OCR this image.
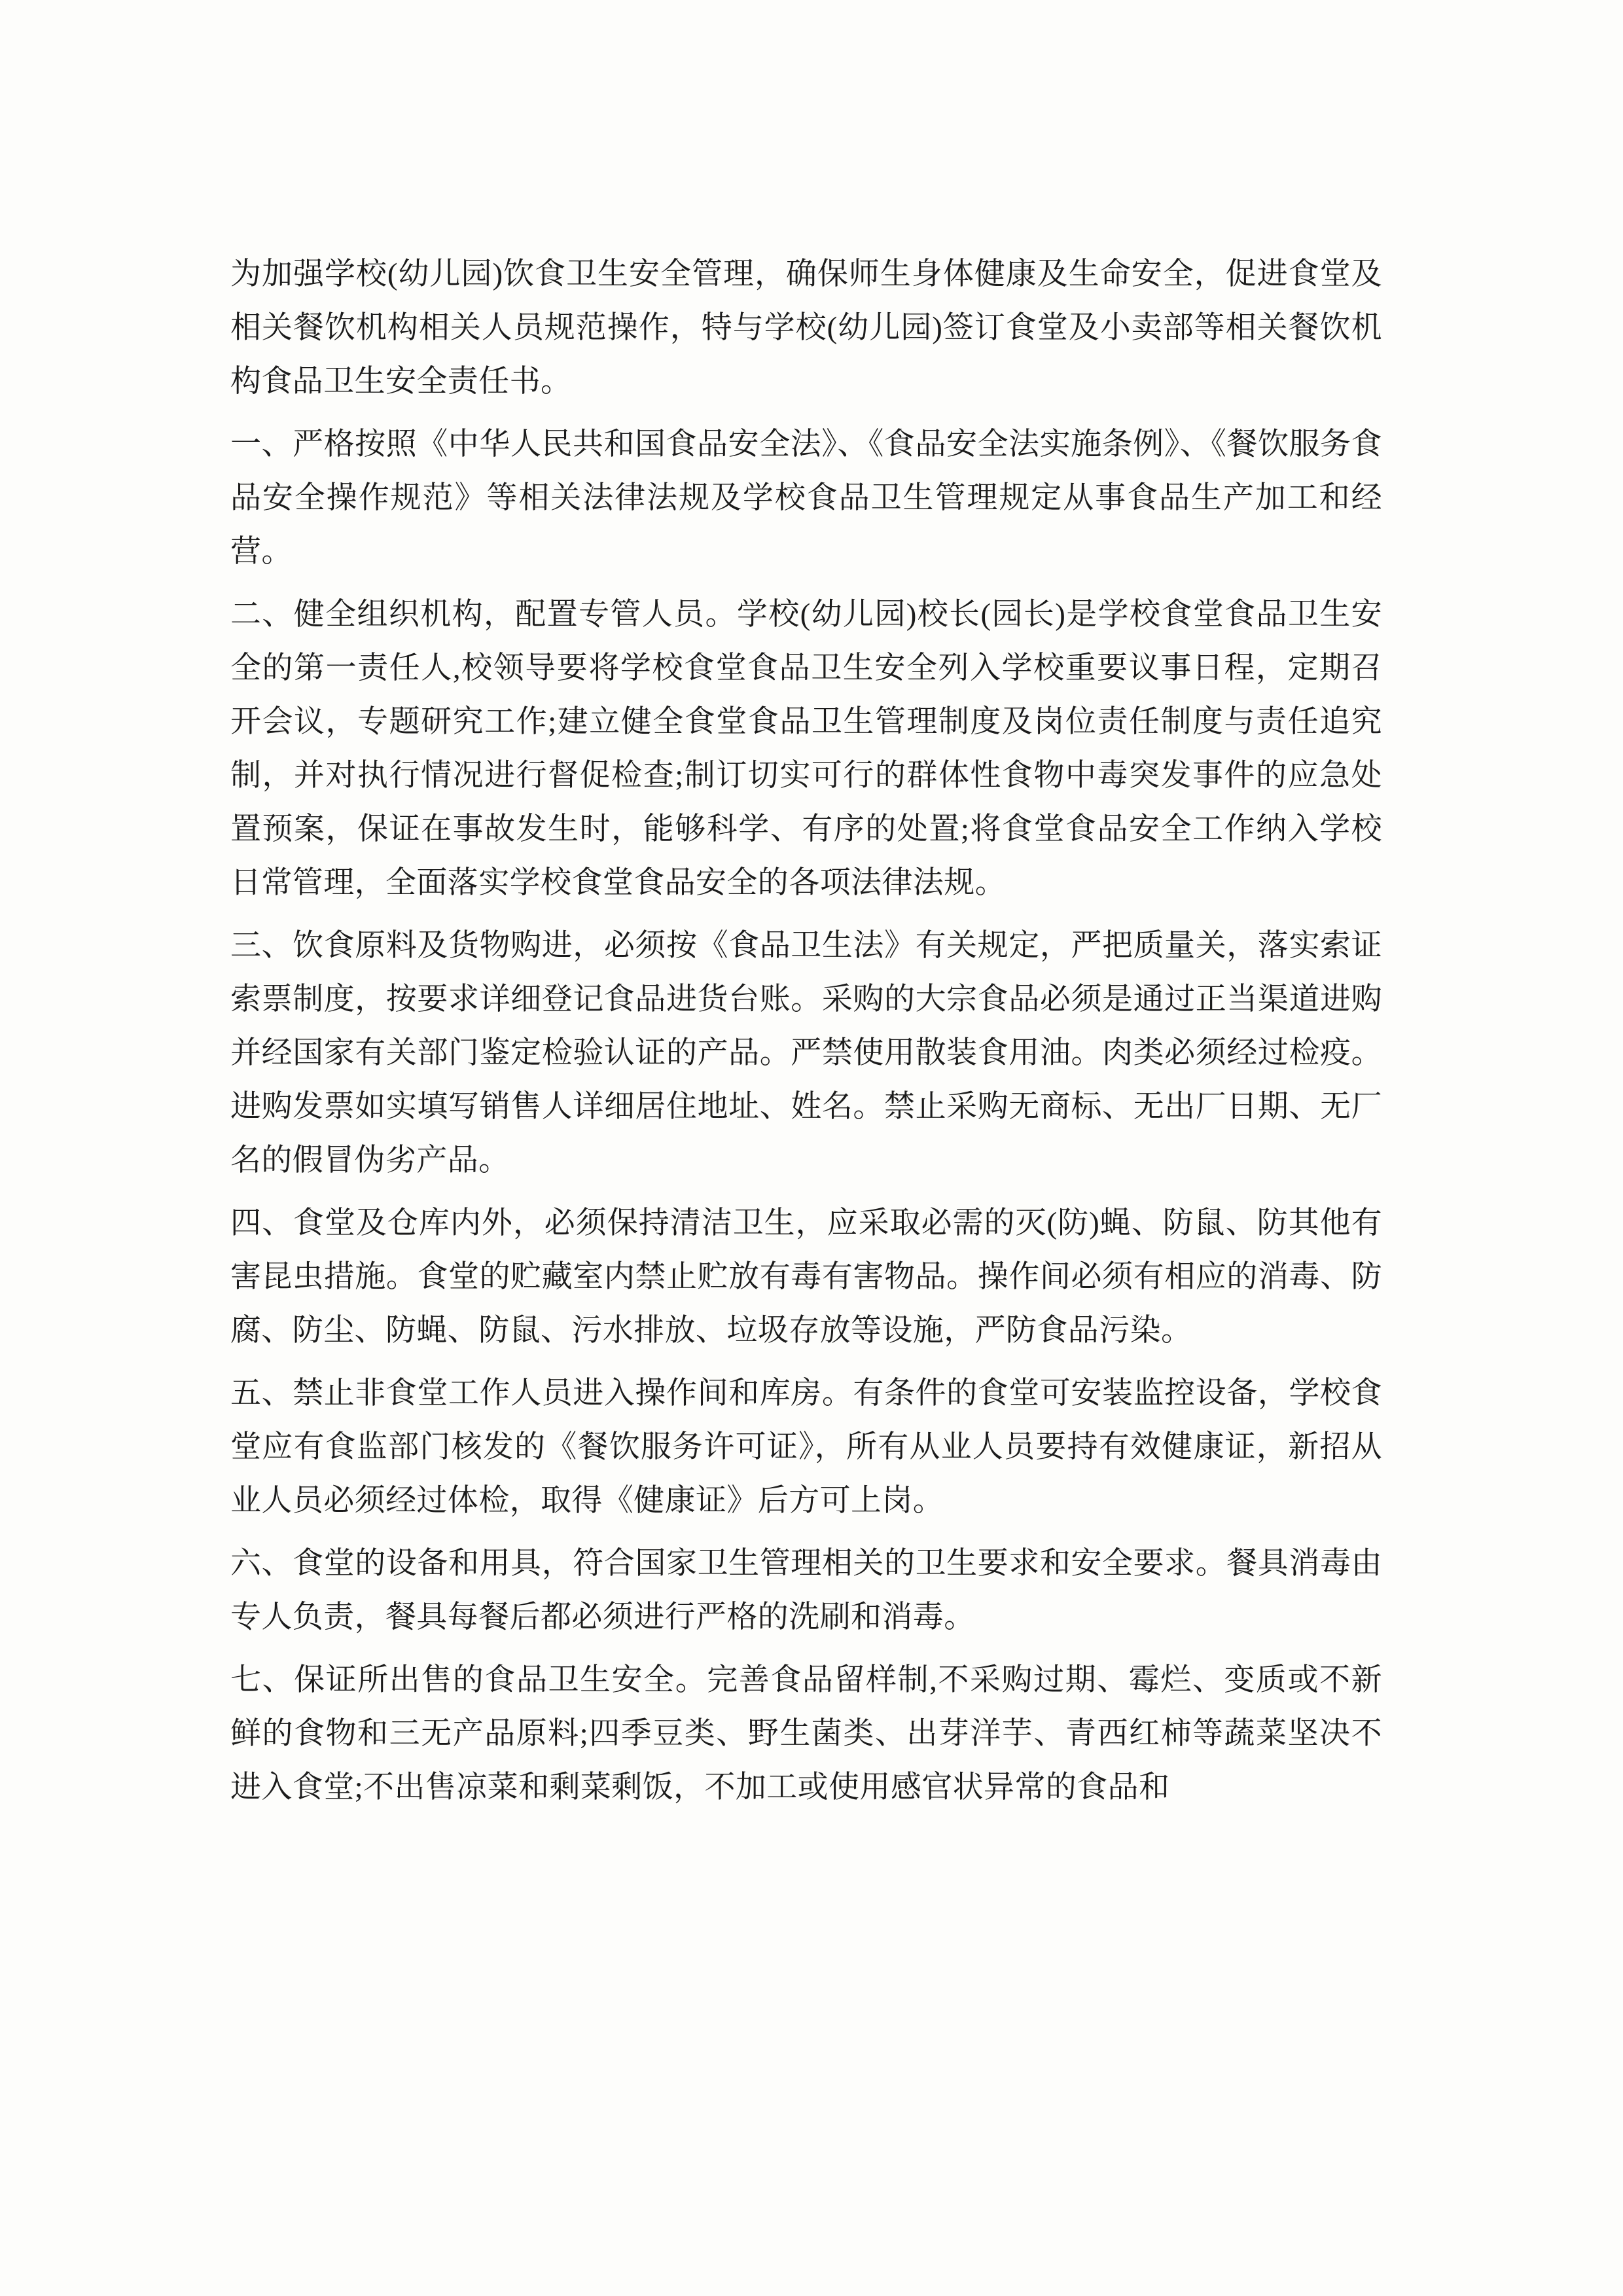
为加强学校(幼儿园)饮食卫生安全管理，确保师生身体健康及生命安全，促进食堂及相关餐饮机构相关人员规范操作，特与学校(幼儿园)签订食堂及小卖部等相关餐饮机构食品卫生安全责任书。

一、严格按照《中华人民共和国食品安全法》、《食品安全法实施条例》、《餐饮服务食品安全操作规范》等相关法律法规及学校食品卫生管理规定从事食品生产加工和经营。

二、健全组织机构，配置专管人员。学校(幼儿园)校长(园长)是学校食堂食品卫生安全的第一责任人,校领导要将学校食堂食品卫生安全列入学校重要议事日程，定期召开会议，专题研究工作;建立健全食堂食品卫生管理制度及岗位责任制度与责任追究制，并对执行情况进行督促检查;制订切实可行的群体性食物中毒突发事件的应急处置预案，保证在事故发生时，能够科学、有序的处置;将食堂食品安全工作纳入学校日常管理，全面落实学校食堂食品安全的各项法律法规。

三、饮食原料及货物购进，必须按《食品卫生法》有关规定，严把质量关，落实索证索票制度，按要求详细登记食品进货台账。采购的大宗食品必须是通过正当渠道进购并经国家有关部门鉴定检验认证的产品。严禁使用散装食用油。肉类必须经过检疫。进购发票如实填写销售人详细居住地址、姓名。禁止采购无商标、无出厂日期、无厂名的假冒伪劣产品。

四、食堂及仓库内外，必须保持清洁卫生，应采取必需的灭(防)蝇、防鼠、防其他有害昆虫措施。食堂的贮藏室内禁止贮放有毒有害物品。操作间必须有相应的消毒、防腐、防尘、防蝇、防鼠、污水排放、垃圾存放等设施，严防食品污染。

五、禁止非食堂工作人员进入操作间和库房。有条件的食堂可安装监控设备，学校食堂应有食监部门核发的《餐饮服务许可证》，所有从业人员要持有效健康证，新招从业人员必须经过体检，取得《健康证》后方可上岗。

六、食堂的设备和用具，符合国家卫生管理相关的卫生要求和安全要求。餐具消毒由专人负责，餐具每餐后都必须进行严格的洗刷和消毒。

七、保证所出售的食品卫生安全。完善食品留样制,不采购过期、霉烂、变质或不新鲜的食物和三无产品原料;四季豆类、野生菌类、出芽洋芋、青西红柿等蔬菜坚决不进入食堂;不出售凉菜和剩菜剩饭，不加工或使用感官状异常的食品和
